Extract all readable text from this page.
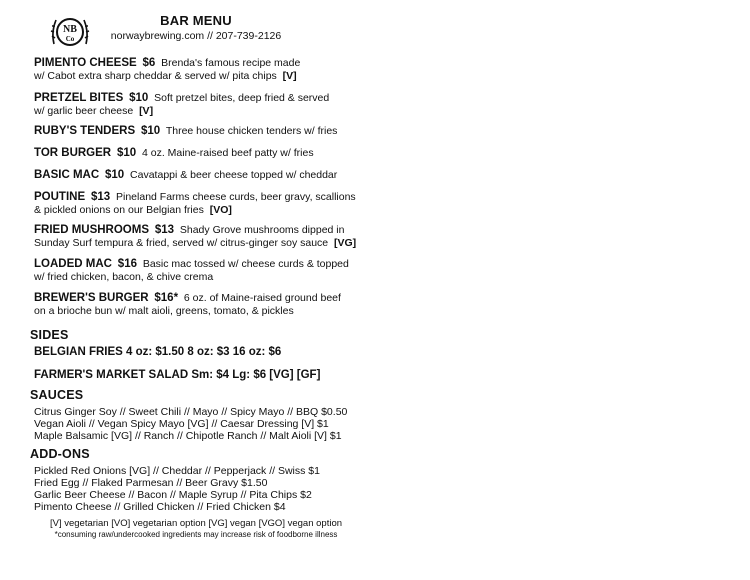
NB
Co
BAR MENU
norwaybrewing.com // 207-739-2126
PIMENTO CHEESE $6 Brenda's famous recipe made
w/ Cabot extra sharp cheddar & served w/ pita chips [V]
PRETZEL BITES $10 Soft pretzel bites, deep fried & served
w/ garlic beer cheese [V]
RUBY'S TENDERS $10 Three house chicken tenders w/ fries
TOR BURGER $10 4 oz. Maine-raised beef patty w/ fries
BASIC MAC $10 Cavatappi & beer cheese topped w/ cheddar
POUTINE $13 Pineland Farms cheese curds, beer gravy, scallions
& pickled onions on our Belgian fries [VO]
FRIED MUSHROOMS $13 Shady Grove mushrooms dipped in
Sunday Surf tempura & fried, served w/ citrus-ginger soy sauce [VG]
LOADED MAC $16 Basic mac tossed w/ cheese curds & topped
w/ fried chicken, bacon, & chive crema
BREWER'S BURGER $16* 6 oz. of Maine-raised ground beef
on a brioche bun w/ malt aioli, greens, tomato, & pickles
SIDES
BELGIAN FRIES 4 oz: $1.50 8 oz: $3 16 oz: $6
FARMER'S MARKET SALAD Sm: $4 Lg: $6 [VG] [GF]
SAUCES
Citrus Ginger Soy // Sweet Chili // Mayo // Spicy Mayo // BBQ $0.50
Vegan Aioli // Vegan Spicy Mayo [VG] // Caesar Dressing [V] $1
Maple Balsamic [VG] // Ranch // Chipotle Ranch // Malt Aioli [V] $1
ADD-ONS
Pickled Red Onions [VG] // Cheddar // Pepperjack // Swiss $1
Fried Egg // Flaked Parmesan // Beer Gravy $1.50
Garlic Beer Cheese // Bacon // Maple Syrup // Pita Chips $2
Pimento Cheese // Grilled Chicken // Fried Chicken $4
[V] vegetarian [VO] vegetarian option [VG] vegan [VGO] vegan option
*consuming raw/undercooked ingredients may increase risk of foodborne illness
